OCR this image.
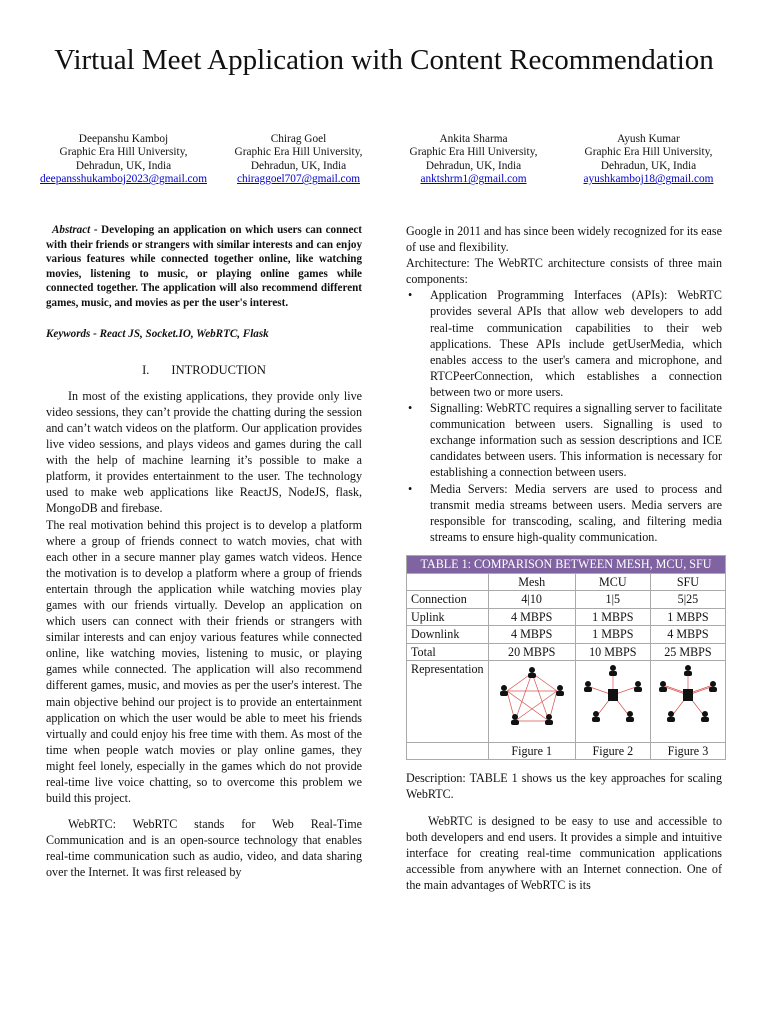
Virtual Meet Application with Content Recommendation
Deepanshu Kamboj
Graphic Era Hill University,
Dehradun, UK, India
deepansshukamboj2023@gmail.com
Chirag Goel
Graphic Era Hill University,
Dehradun, UK, India
chiraggoel707@gmail.com
Ankita Sharma
Graphic Era Hill University,
Dehradun, UK, India
anktshrm1@gmail.com
Ayush Kumar
Graphic Era Hill University,
Dehradun, UK, India
ayushkamboj18@gmail.com

Abstract - Developing an application on which users can connect with their friends or strangers with similar interests and can enjoy various features while connected together online, like watching movies, listening to music, or playing online games while connected together. The application will also recommend different games, music, and movies as per the user's interest.

Keywords - React JS, Socket.IO, WebRTC, Flask

I. INTRODUCTION

In most of the existing applications, they provide only live video sessions, they can’t provide the chatting during the session and can’t watch videos on the platform. Our application provides live video sessions, and plays videos and games during the call with the help of machine learning it’s possible to make a platform, it provides entertainment to the user. The technology used to make web applications like ReactJS, NodeJS, flask, MongoDB and firebase.

The real motivation behind this project is to develop a platform where a group of friends connect to watch movies, chat with each other in a secure manner play games watch videos. Hence the motivation is to develop a platform where a group of friends entertain through the application while watching movies play games with our friends virtually. Develop an application on which users can connect with their friends or strangers with similar interests and can enjoy various features while connected online, like watching movies, listening to music, or playing games while connected. The application will also recommend different games, music, and movies as per the user's interest. The main objective behind our project is to provide an entertainment application on which the user would be able to meet his friends virtually and could enjoy his free time with them. As most of the time when people watch movies or play online games, they might feel lonely, especially in the games which do not provide real-time live voice chatting, so to overcome this problem we build this project.

WebRTC: WebRTC stands for Web Real-Time Communication and is an open-source technology that enables real-time communication such as audio, video, and data sharing over the Internet. It was first released by

Google in 2011 and has since been widely recognized for its ease of use and flexibility.

Architecture: The WebRTC architecture consists of three main components:

• Application Programming Interfaces (APIs): WebRTC provides several APIs that allow web developers to add real-time communication capabilities to their web applications. These APIs include getUserMedia, which enables access to the user's camera and microphone, and RTCPeerConnection, which establishes a connection between two or more users.
• Signalling: WebRTC requires a signalling server to facilitate communication between users. Signalling is used to exchange information such as session descriptions and ICE candidates between users. This information is necessary for establishing a connection between users.
• Media Servers: Media servers are used to process and transmit media streams between users. Media servers are responsible for transcoding, scaling, and filtering media streams to ensure high-quality communication.
TABLE 1: COMPARISON BETWEEN MESH, MCU, SFU			
	Mesh	MCU	SFU
Connection	4|10	1|5	5|25
Uplink	4 MBPS	1 MBPS	1 MBPS
Downlink	4 MBPS	1 MBPS	4 MBPS
Total	20 MBPS	10 MBPS	25 MBPS
Representation			
	Figure 1	Figure 2	Figure 3

Description: TABLE 1 shows us the key approaches for scaling WebRTC.

WebRTC is designed to be easy to use and accessible to both developers and end users. It provides a simple and intuitive interface for creating real-time communication applications accessible from anywhere with an Internet connection. One of the main advantages of WebRTC is its
